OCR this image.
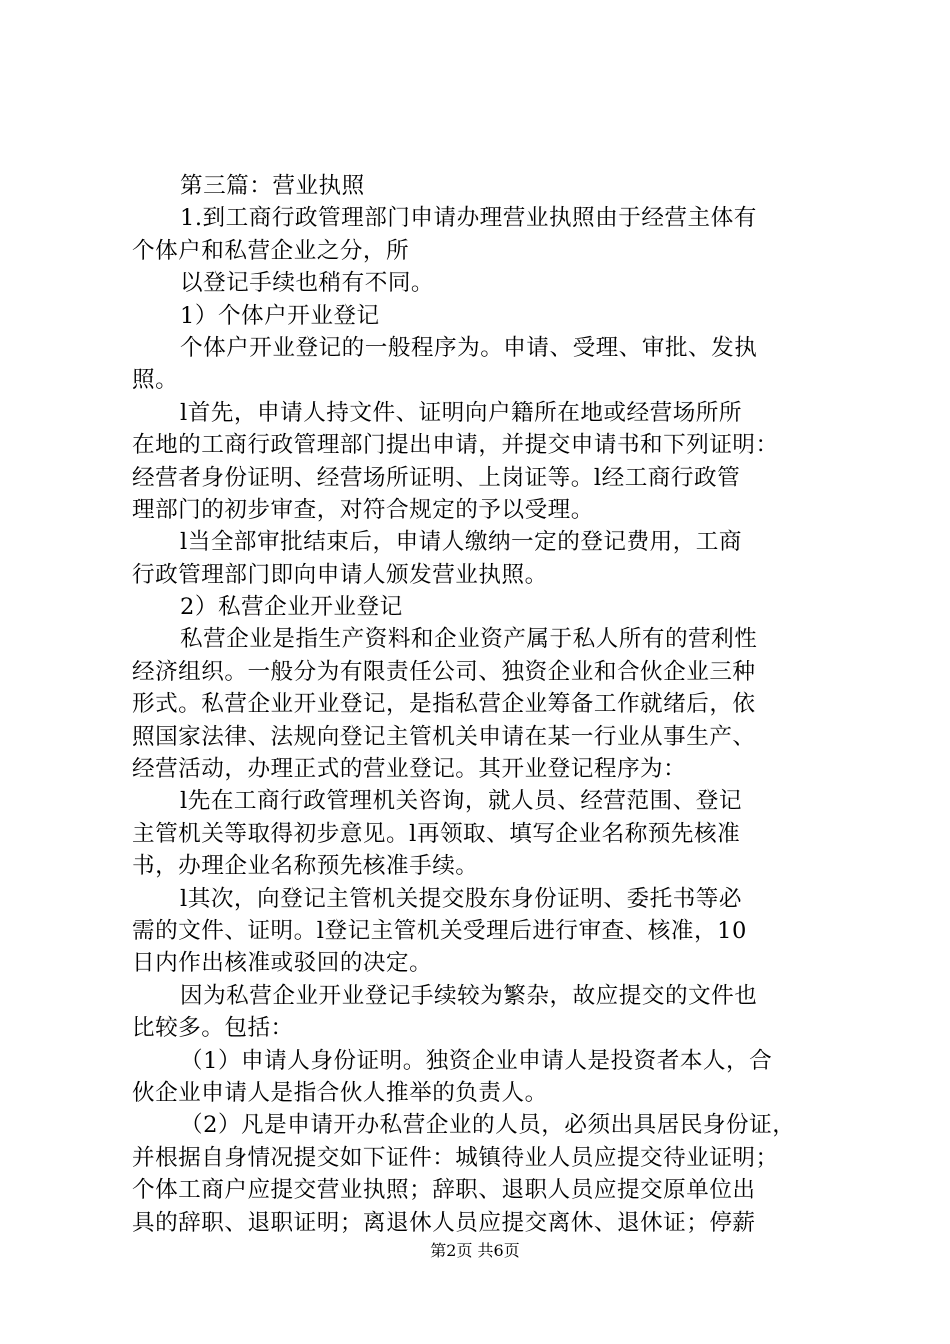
第三篇：营业执照
1.到工商行政管理部门申请办理营业执照由于经营主体有
个体户和私营企业之分，所
以登记手续也稍有不同。
1）个体户开业登记
个体户开业登记的一般程序为。申请、受理、审批、发执
照。
l首先，申请人持文件、证明向户籍所在地或经营场所所
在地的工商行政管理部门提出申请，并提交申请书和下列证明：
经营者身份证明、经营场所证明、上岗证等。l经工商行政管
理部门的初步审查，对符合规定的予以受理。
l当全部审批结束后，申请人缴纳一定的登记费用，工商
行政管理部门即向申请人颁发营业执照。
2）私营企业开业登记
私营企业是指生产资料和企业资产属于私人所有的营利性
经济组织。一般分为有限责任公司、独资企业和合伙企业三种
形式。私营企业开业登记，是指私营企业筹备工作就绪后，依
照国家法律、法规向登记主管机关申请在某一行业从事生产、
经营活动，办理正式的营业登记。其开业登记程序为：
l先在工商行政管理机关咨询，就人员、经营范围、登记
主管机关等取得初步意见。l再领取、填写企业名称预先核准
书，办理企业名称预先核准手续。
l其次，向登记主管机关提交股东身份证明、委托书等必
需的文件、证明。l登记主管机关受理后进行审查、核准，10
日内作出核准或驳回的决定。
因为私营企业开业登记手续较为繁杂，故应提交的文件也
比较多。包括：
（1）申请人身份证明。独资企业申请人是投资者本人，合
伙企业申请人是指合伙人推举的负责人。
（2）凡是申请开办私营企业的人员，必须出具居民身份证，
并根据自身情况提交如下证件：城镇待业人员应提交待业证明；
个体工商户应提交营业执照；辞职、退职人员应提交原单位出
具的辞职、退职证明；离退休人员应提交离休、退休证；停薪
第2页 共6页
